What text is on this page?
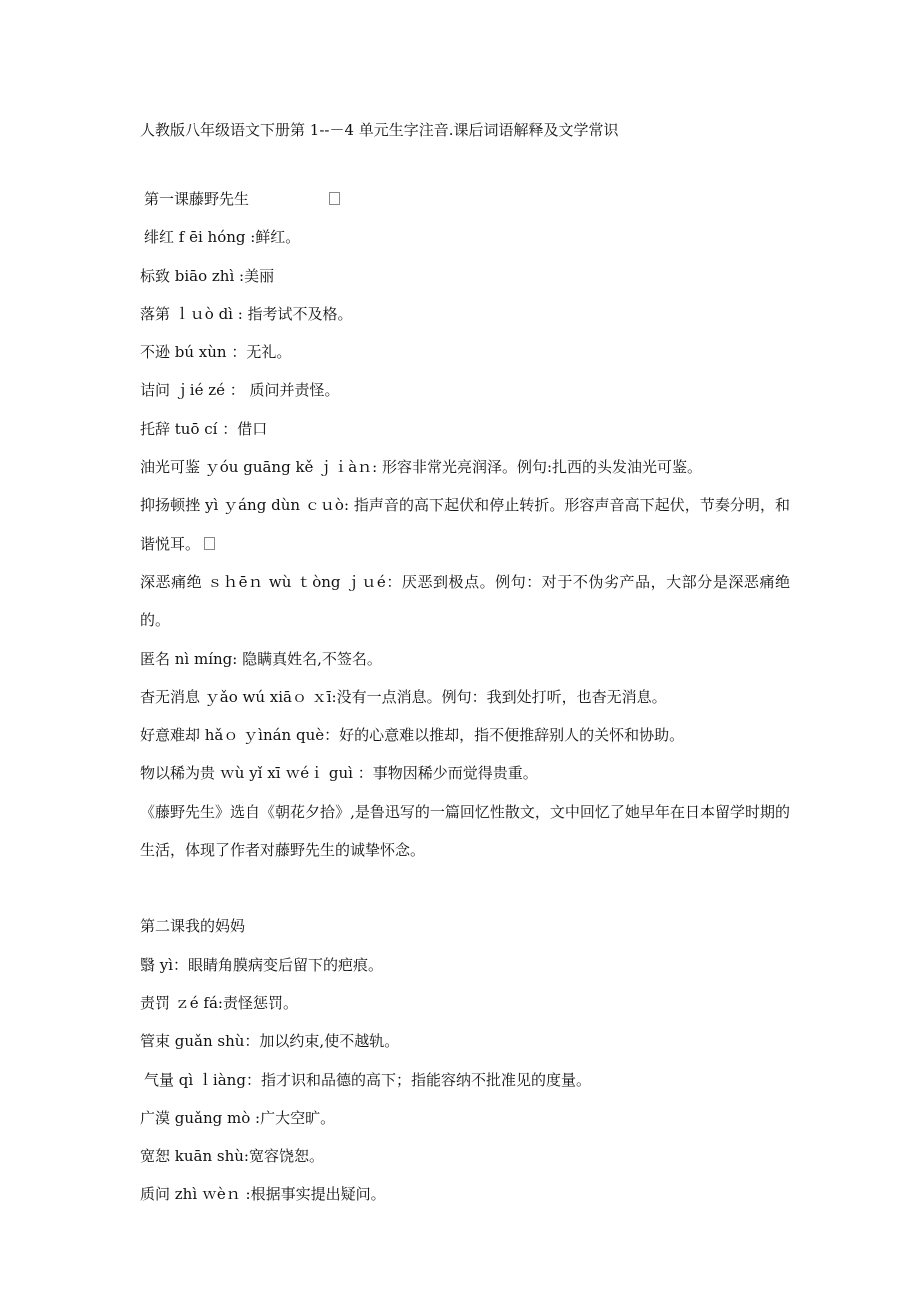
人教版八年级语文下册第 1--－4 单元生字注音.课后词语解释及文学常识
第一课藤野先生
绯红 f ēi hóng :鲜红。
标致 biāo zhì :美丽
落第 ｌｕò dì : 指考试不及格。
不逊 bú xùn ：无礼。
诘问 ｊié zé ： 质问并责怪。
托辞 tuō cí ：借口
油光可鉴 ｙóu guāng kě ｊｉàｎ: 形容非常光亮润泽。例句:扎西的头发油光可鉴。
抑扬顿挫 yì ｙáng dùn ｃｕò: 指声音的高下起伏和停止转折。形容声音高下起伏，节奏分明，和谐悦耳。
深恶痛绝 ｓｈēｎ wù ｔòng ｊｕé：厌恶到极点。例句：对于不伪劣产品，大部分是深恶痛绝的。
匿名 nì míng: 隐瞒真姓名,不签名。
杳无消息 ｙǎo wú xiāｏ ｘī:没有一点消息。例句：我到处打听，也杳无消息。
好意难却 hǎｏ ｙìnán què：好的心意难以推却，指不便推辞别人的关怀和协助。
物以稀为贵 ｗù yǐ xī ｗéｉ guì ：事物因稀少而觉得贵重。
《藤野先生》选自《朝花夕拾》,是鲁迅写的一篇回忆性散文，文中回忆了她早年在日本留学时期的生活，体现了作者对藤野先生的诚挚怀念。
第二课我的妈妈
翳 yì：眼睛角膜病变后留下的疤痕。
责罚 ｚé fá:责怪惩罚。
管束 guǎn shù：加以约束,使不越轨。
气量 qì ｌiàng：指才识和品德的高下；指能容纳不批准见的度量。
广漠 guǎng mò :广大空旷。
宽恕 kuān shù:宽容饶恕。
质问 zhì ｗèｎ :根据事实提出疑问。
